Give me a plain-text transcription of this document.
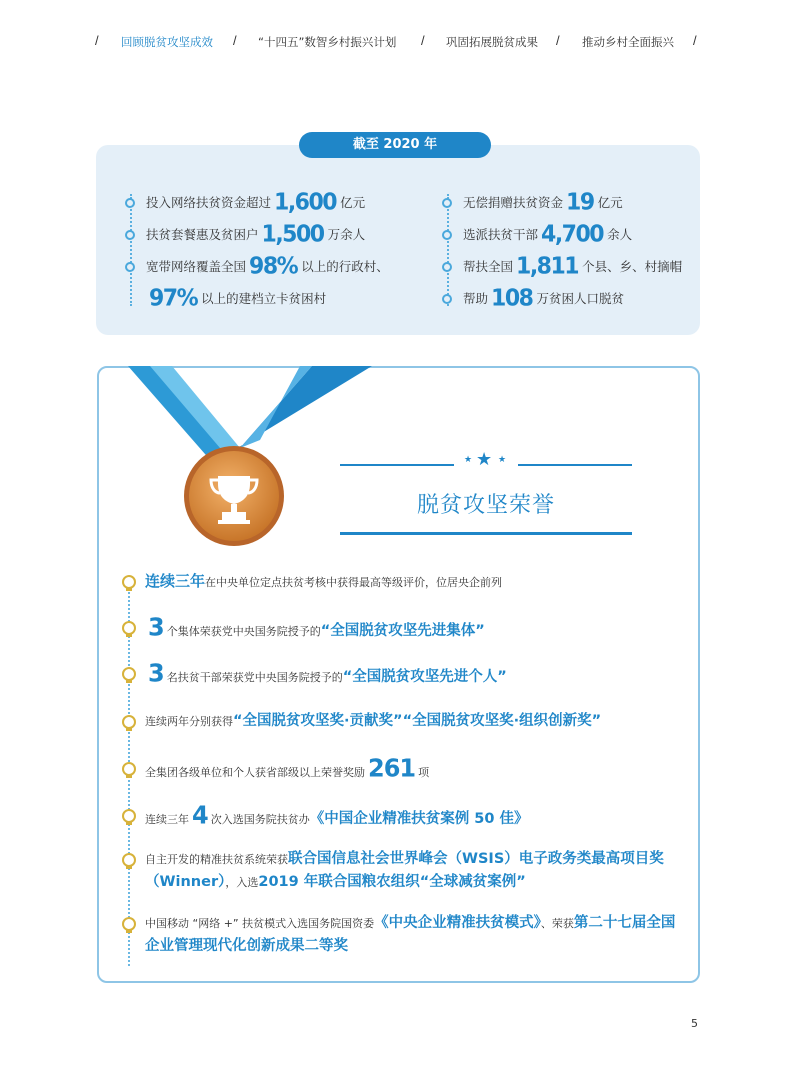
/ 回顾脱贫攻坚成效 / “十四五”数智乡村振兴计划 / 巩固拓展脱贫成果 / 推动乡村全面振兴 /
截至 2020 年
投入网络扶贫资金超过 1,600 亿元
扶贫套餐惠及贫困户 1,500 万余人
宽带网络覆盖全国 98% 以上的行政村、
97% 以上的建档立卡贫困村
无偿捐赠扶贫资金 19 亿元
选派扶贫干部 4,700 余人
帮扶全国 1,811 个县、乡、村摘帽
帮助 108 万贫困人口脱贫
★ ★ ★
脱贫攻坚荣誉
连续三年在中央单位定点扶贫考核中获得最高等级评价，位居央企前列
3 个集体荣获党中央国务院授予的“全国脱贫攻坚先进集体”
3 名扶贫干部荣获党中央国务院授予的“全国脱贫攻坚先进个人”
连续两年分别获得“全国脱贫攻坚奖·贡献奖”“全国脱贫攻坚奖·组织创新奖”
全集团各级单位和个人获省部级以上荣誉奖励 261 项
连续三年 4 次入选国务院扶贫办《中国企业精准扶贫案例 50 佳》
自主开发的精准扶贫系统荣获联合国信息社会世界峰会（WSIS）电子政务类最高项目奖（Winner），入选2019 年联合国粮农组织“全球减贫案例”
中国移动 “网络 +” 扶贫模式入选国务院国资委《中央企业精准扶贫模式》、荣获第二十七届全国企业管理现代化创新成果二等奖
5
